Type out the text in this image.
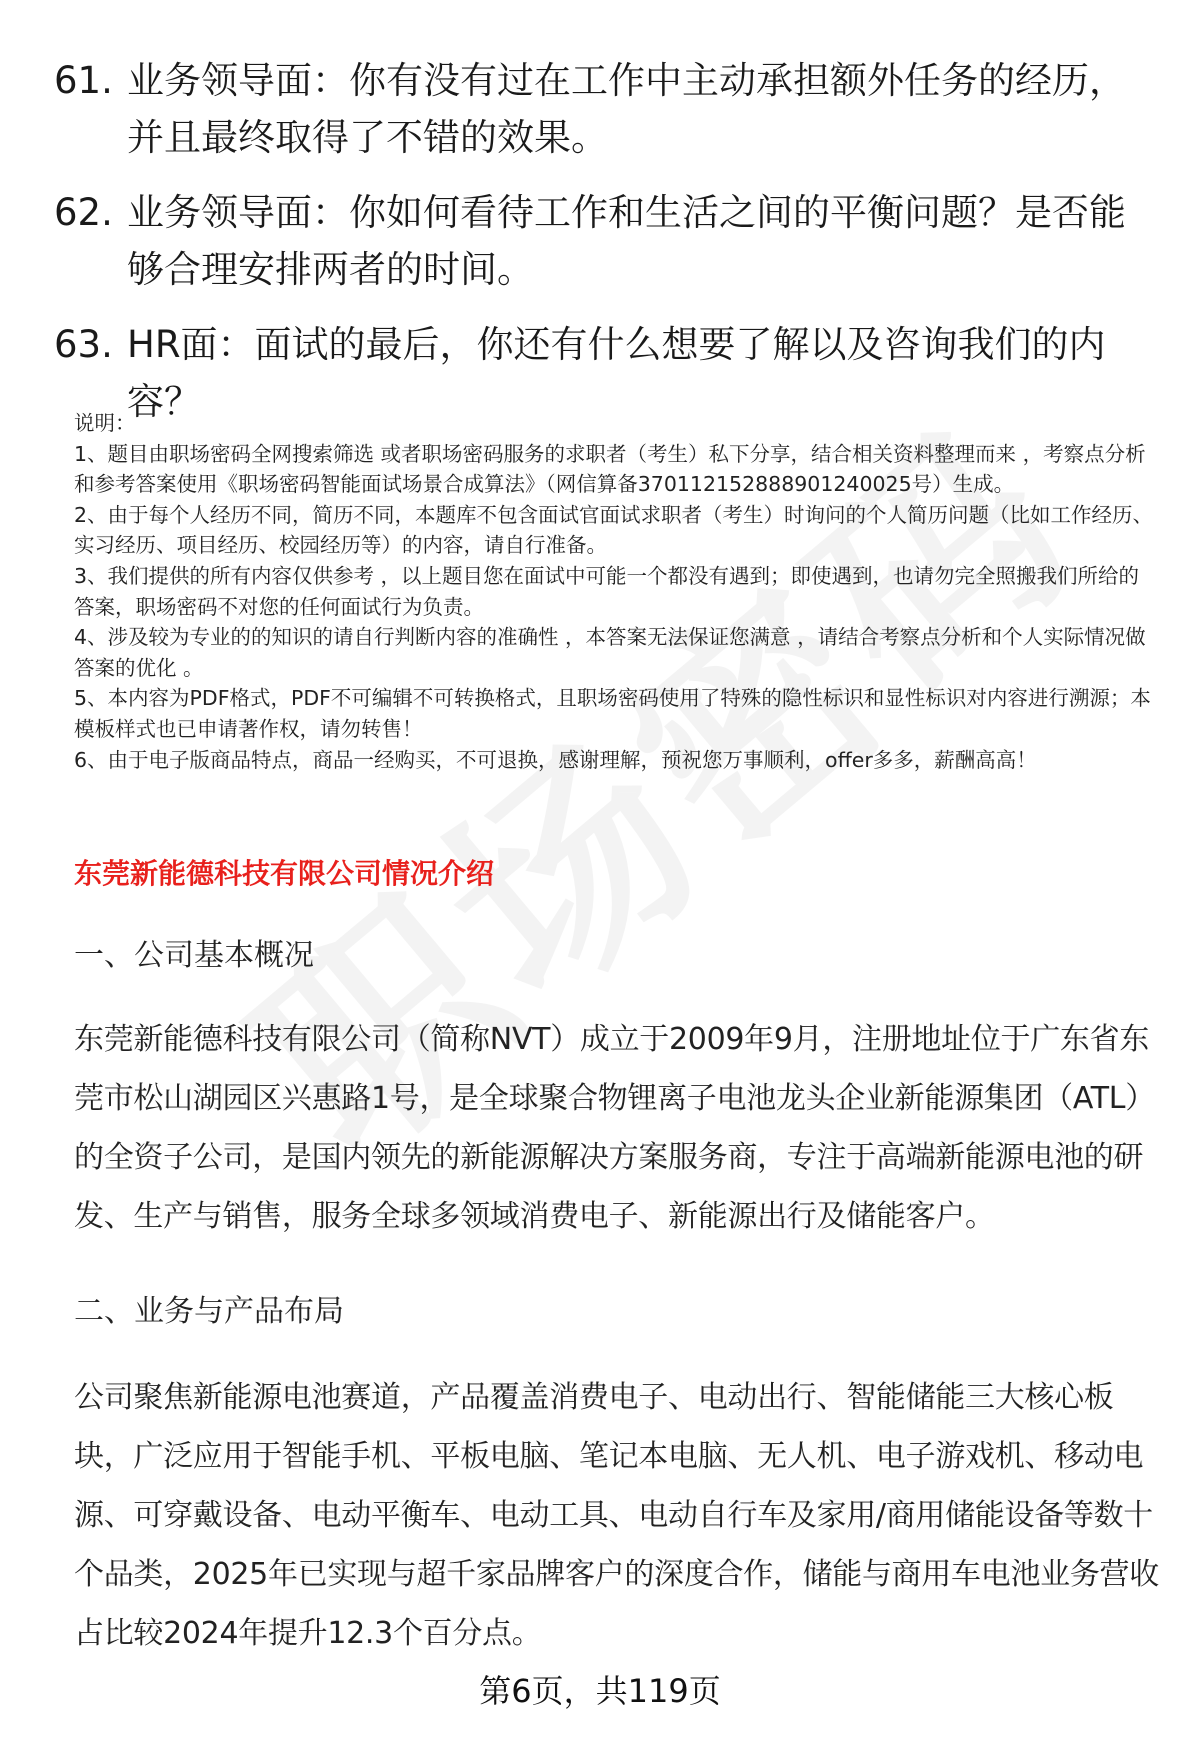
61. 业务领导面：你有没有过在工作中主动承担额外任务的经历，并且最终取得了不错的效果。
62. 业务领导面：你如何看待工作和生活之间的平衡问题？是否能够合理安排两者的时间。
63. HR面：面试的最后，你还有什么想要了解以及咨询我们的内容？

说明：

1、题目由职场密码全网搜索筛选 或者职场密码服务的求职者（考生）私下分享，结合相关资料整理而来 ，考察点分析和参考答案使用《职场密码智能面试场景合成算法》（网信算备370112152888901240025号）生成。

2、由于每个人经历不同，简历不同，本题库不包含面试官面试求职者（考生）时询问的个人简历问题（比如工作经历、实习经历、项目经历、校园经历等）的内容，请自行准备。

3、我们提供的所有内容仅供参考 ，以上题目您在面试中可能一个都没有遇到；即使遇到，也请勿完全照搬我们所给的答案，职场密码不对您的任何面试行为负责。

4、涉及较为专业的的知识的请自行判断内容的准确性 ，本答案无法保证您满意 ，请结合考察点分析和个人实际情况做答案的优化 。

5、本内容为PDF格式，PDF不可编辑不可转换格式，且职场密码使用了特殊的隐性标识和显性标识对内容进行溯源；本模板样式也已申请著作权，请勿转售！

6、由于电子版商品特点，商品一经购买，不可退换，感谢理解，预祝您万事顺利，offer多多，薪酬高高！

东莞新能德科技有限公司情况介绍
一、公司基本概况

东莞新能德科技有限公司（简称NVT）成立于2009年9月，注册地址位于广东省东莞市松山湖园区兴惠路1号，是全球聚合物锂离子电池龙头企业新能源集团（ATL）的全资子公司，是国内领先的新能源解决方案服务商，专注于高端新能源电池的研发、生产与销售，服务全球多领域消费电子、新能源出行及储能客户。

二、业务与产品布局

公司聚焦新能源电池赛道，产品覆盖消费电子、电动出行、智能储能三大核心板块，广泛应用于智能手机、平板电脑、笔记本电脑、无人机、电子游戏机、移动电源、可穿戴设备、电动平衡车、电动工具、电动自行车及家用/商用储能设备等数十个品类，2025年已实现与超千家品牌客户的深度合作，储能与商用车电池业务营收占比较2024年提升12.3个百分点。

第6页，共119页
